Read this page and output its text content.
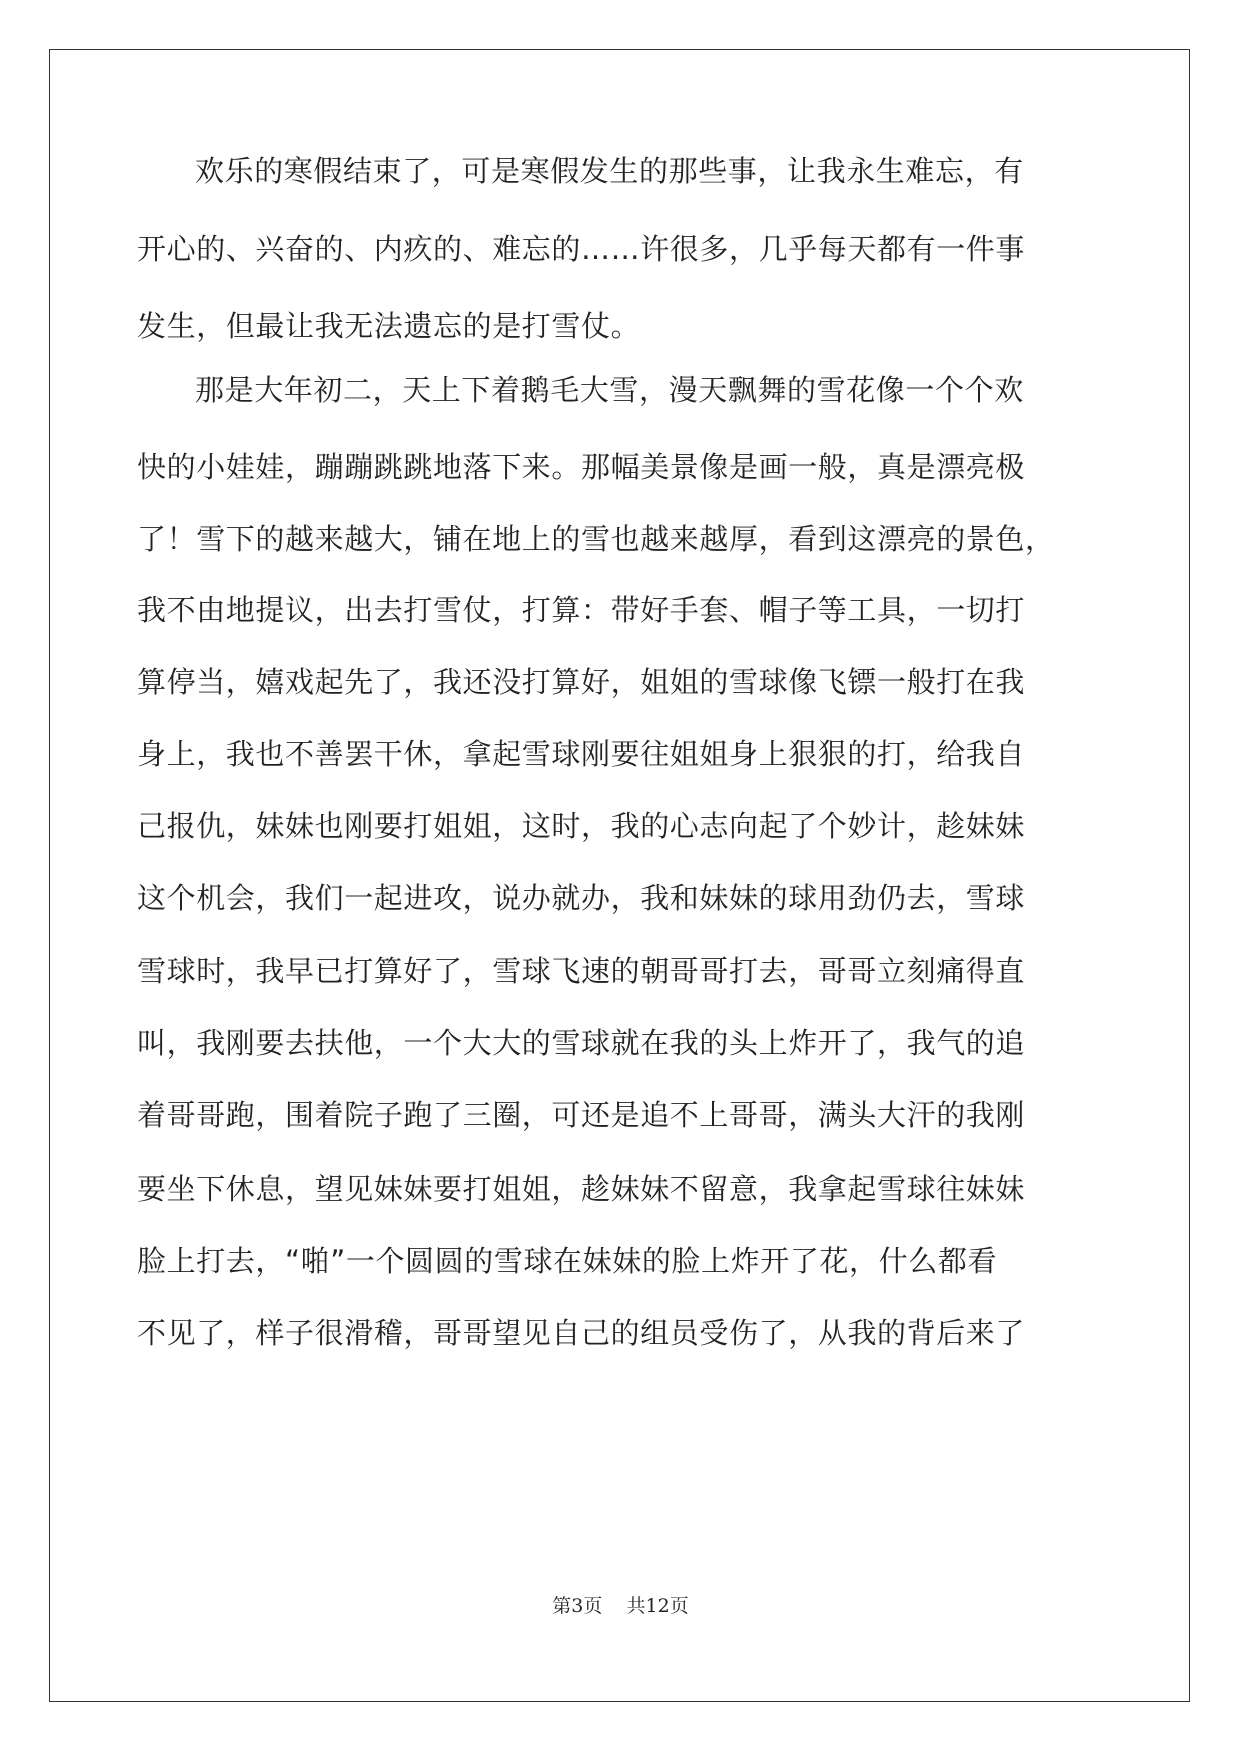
欢乐的寒假结束了，可是寒假发生的那些事，让我永生难忘，有
开心的、兴奋的、内疚的、难忘的……许很多，几乎每天都有一件事
发生，但最让我无法遗忘的是打雪仗。
那是大年初二，天上下着鹅毛大雪，漫天飘舞的雪花像一个个欢
快的小娃娃，蹦蹦跳跳地落下来。那幅美景像是画一般，真是漂亮极
了！雪下的越来越大，铺在地上的雪也越来越厚，看到这漂亮的景色，
我不由地提议，出去打雪仗，打算：带好手套、帽子等工具，一切打
算停当，嬉戏起先了，我还没打算好，姐姐的雪球像飞镖一般打在我
身上，我也不善罢干休，拿起雪球刚要往姐姐身上狠狠的打，给我自
己报仇，妹妹也刚要打姐姐，这时，我的心志向起了个妙计，趁妹妹
这个机会，我们一起进攻，说办就办，我和妹妹的球用劲仍去，雪球
雪球时，我早已打算好了，雪球飞速的朝哥哥打去，哥哥立刻痛得直
叫，我刚要去扶他，一个大大的雪球就在我的头上炸开了，我气的追
着哥哥跑，围着院子跑了三圈，可还是追不上哥哥，满头大汗的我刚
要坐下休息，望见妹妹要打姐姐，趁妹妹不留意，我拿起雪球往妹妹
脸上打去，“啪”一个圆圆的雪球在妹妹的脸上炸开了花，什么都看
不见了，样子很滑稽，哥哥望见自己的组员受伤了，从我的背后来了
第3页    共12页
